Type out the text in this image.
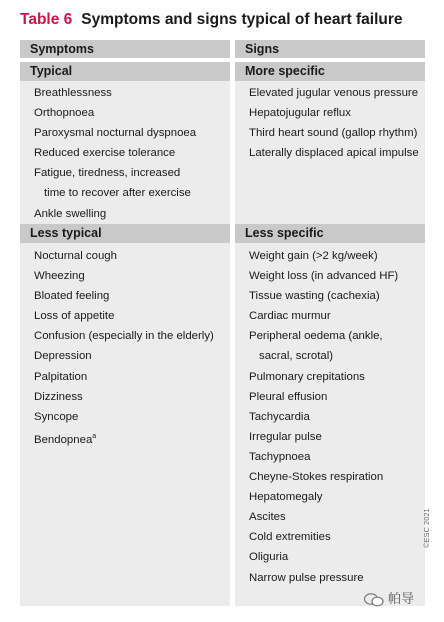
Table 6 Symptoms and signs typical of heart failure
Symptoms
Typical
Breathlessness
Orthopnoea
Paroxysmal nocturnal dyspnoea
Reduced exercise tolerance
Fatigue, tiredness, increased
time to recover after exercise
Ankle swelling
Less typical
Nocturnal cough
Wheezing
Bloated feeling
Loss of appetite
Confusion (especially in the elderly)
Depression
Palpitation
Dizziness
Syncope
Bendopnea$^a$
Signs
More specific
Elevated jugular venous pressure
Hepatojugular reflux
Third heart sound (gallop rhythm)
Laterally displaced apical impulse
Less specific
Weight gain (>2 kg/week)
Weight loss (in advanced HF)
Tissue wasting (cachexia)
Cardiac murmur
Peripheral oedema (ankle,
sacral, scrotal)
Pulmonary crepitations
Pleural effusion
Tachycardia
Irregular pulse
Tachypnoea
Cheyne-Stokes respiration
Hepatomegaly
Ascites
Cold extremities
Oliguria
Narrow pulse pressure
©ESC 2021
帕导
